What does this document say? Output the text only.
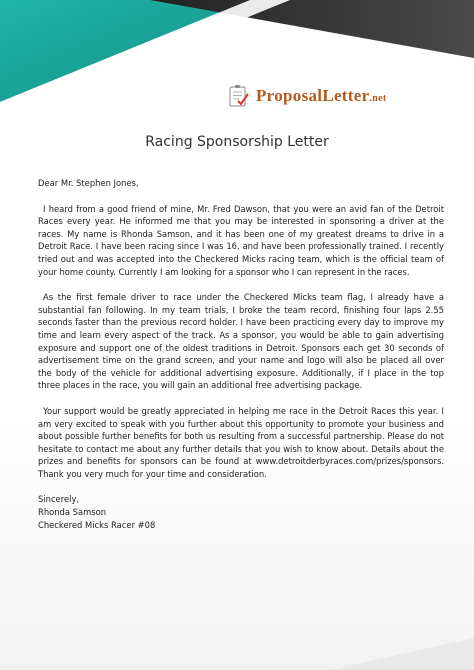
ProposalLetter.net
Racing Sponsorship Letter

Dear Mr. Stephen Jones,

I heard from a good friend of mine, Mr. Fred Dawson, that you were an avid fan of the Detroit Races every year. He informed me that you may be interested in sponsoring a driver at the races. My name is Rhonda Samson, and it has been one of my greatest dreams to drive in a Detroit Race. I have been racing since I was 16, and have been professionally trained. I recently tried out and was accepted into the Checkered Micks racing team, which is the official team of your home county. Currently I am looking for a sponsor who I can represent in the races.

As the first female driver to race under the Checkered Micks team flag, I already have a substantial fan following. In my team trials, I broke the team record, finishing four laps 2.55 seconds faster than the previous record holder. I have been practicing every day to improve my time and learn every aspect of the track. As a sponsor, you would be able to gain advertising exposure and support one of the oldest traditions in Detroit. Sponsors each get 30 seconds of advertisement time on the grand screen, and your name and logo will also be placed all over the body of the vehicle for additional advertising exposure. Additionally, if I place in the top three places in the race, you will gain an additional free advertising package.

Your support would be greatly appreciated in helping me race in the Detroit Races this year. I am very excited to speak with you further about this opportunity to promote your business and about possible further benefits for both us resulting from a successful partnership. Please do not hesitate to contact me about any further details that you wish to know about. Details about the prizes and benefits for sponsors can be found at www.detroitderbyraces.com/prizes/sponsors. Thank you very much for your time and consideration.

Sincerely,
Rhonda Samson
Checkered Micks Racer #08
